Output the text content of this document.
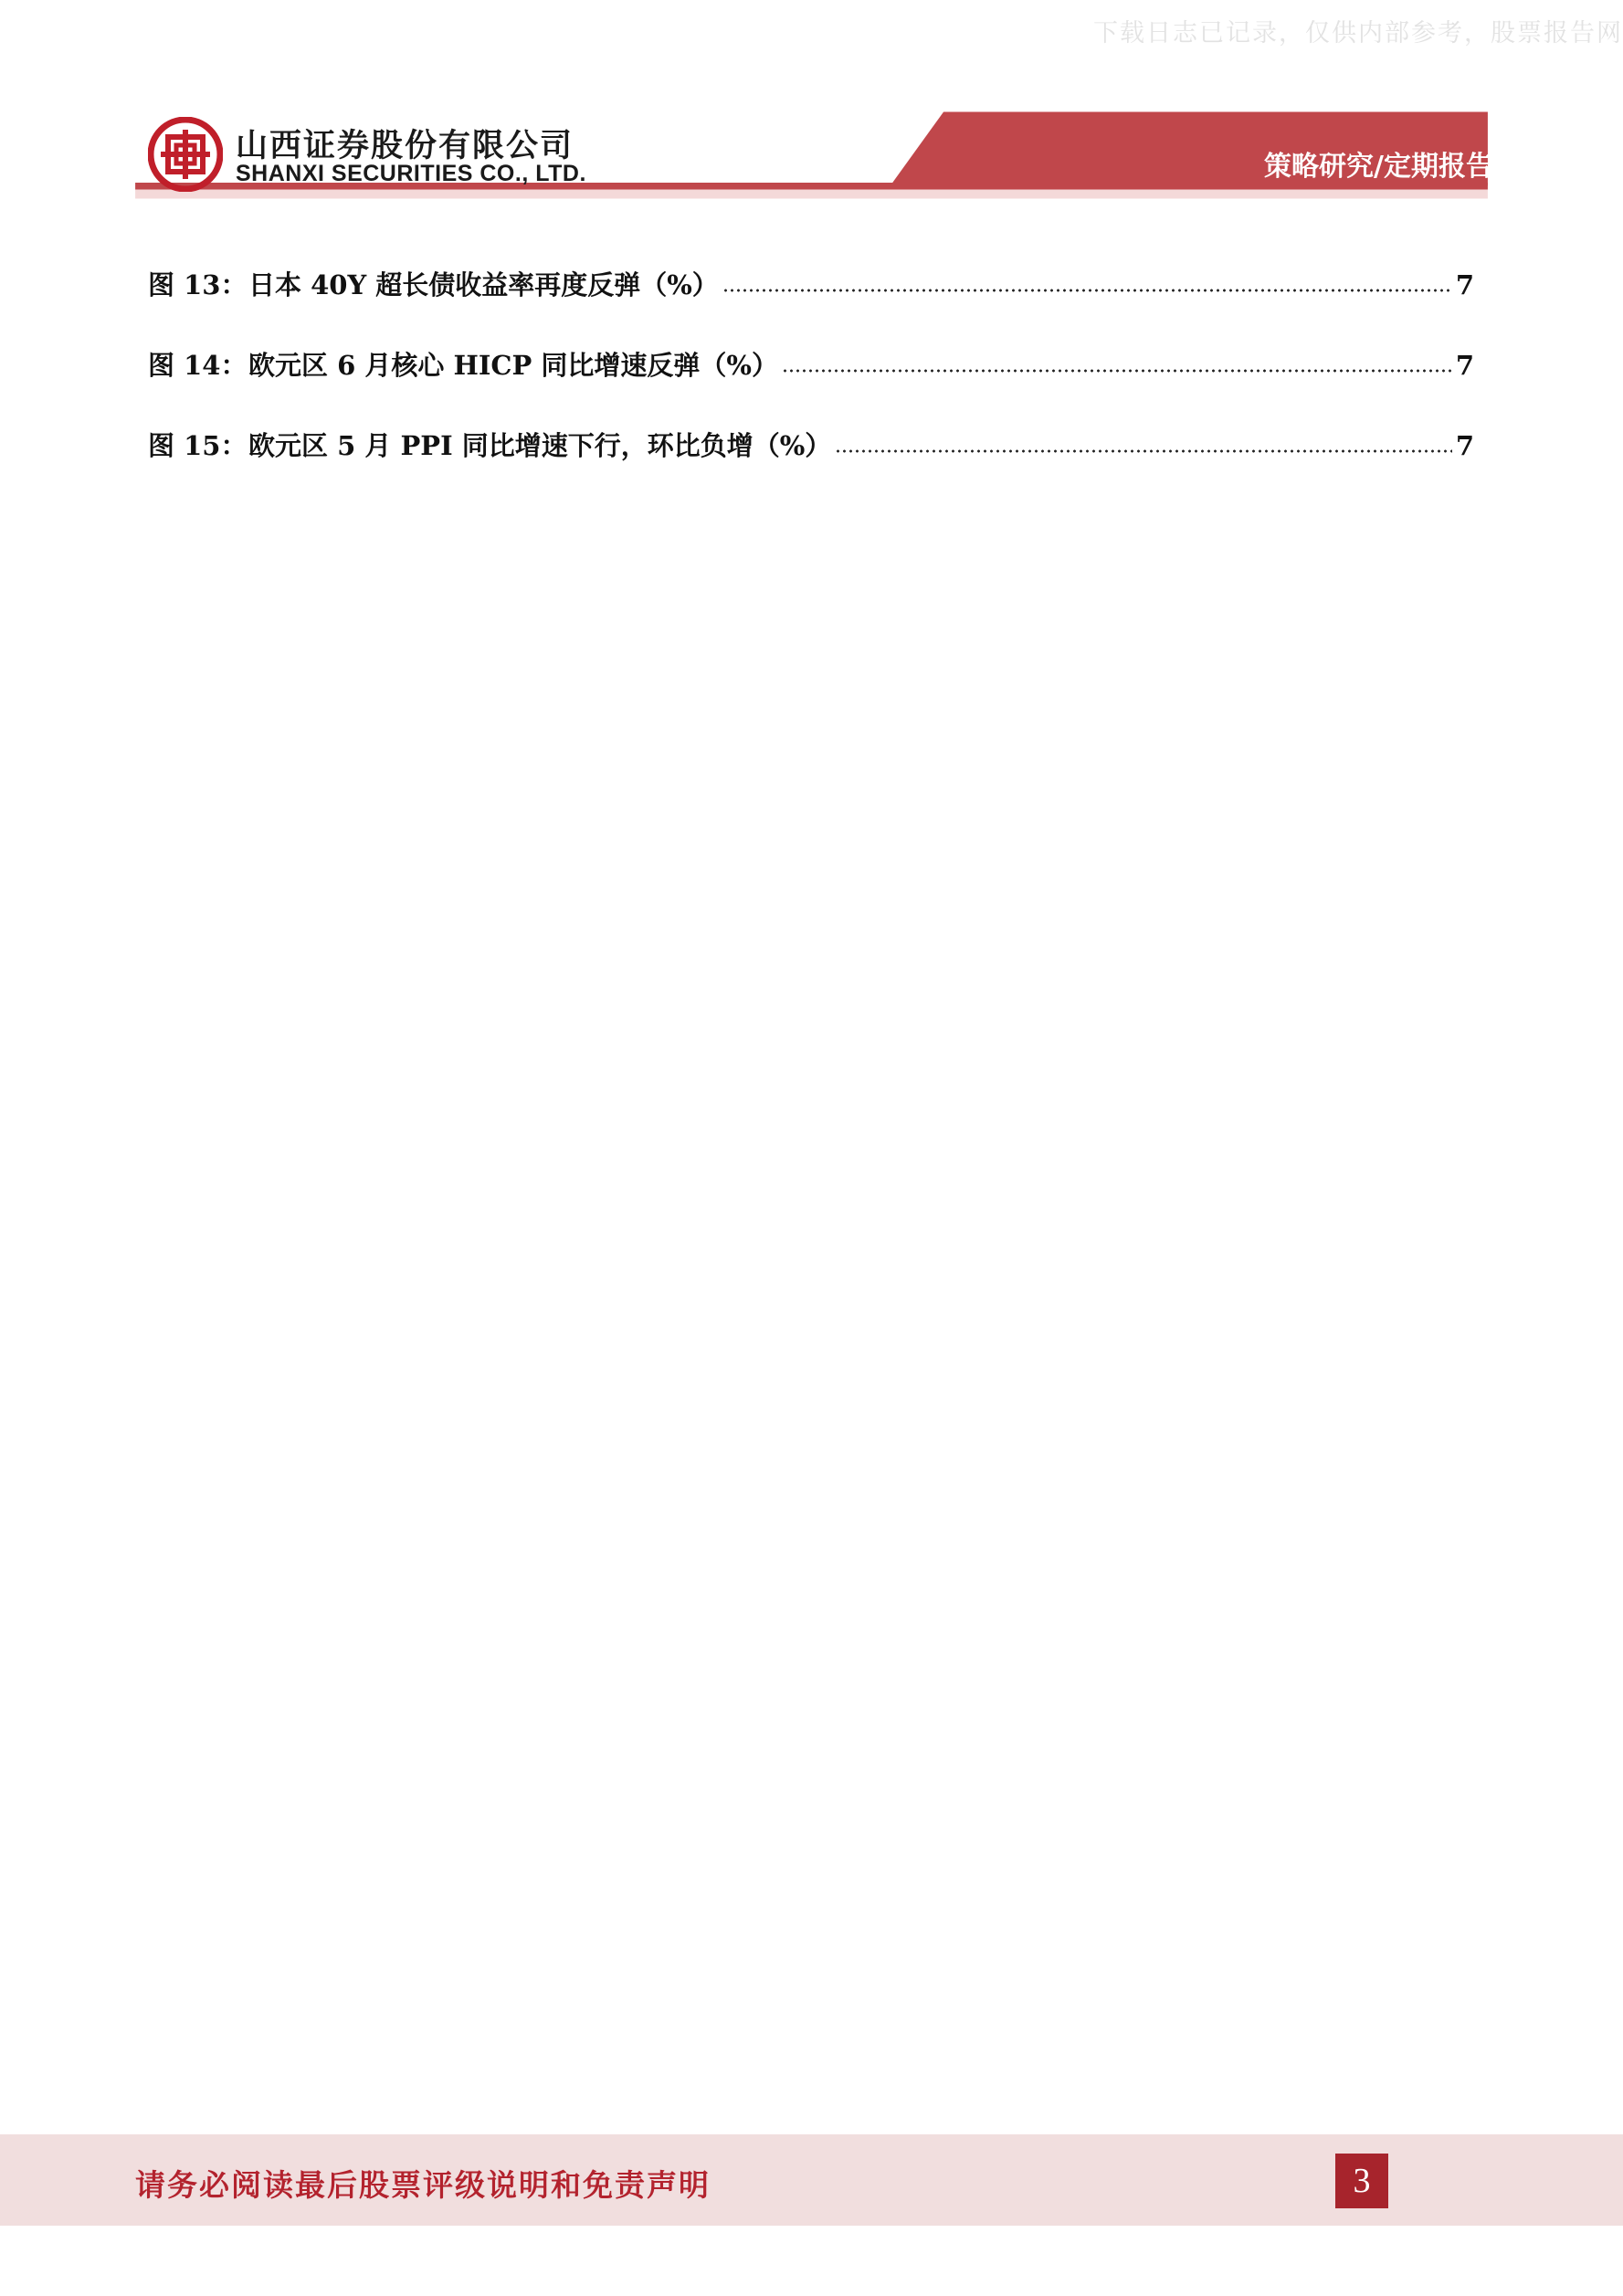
下载日志已记录，仅供内部参考，股票报告网
山西证券股份有限公司
SHANXI SECURITIES CO., LTD.	策略研究/定期报告
图 13： 日本 40Y 超长债收益率再度反弹（%）	7
图 14： 欧元区 6 月核心 HICP 同比增速反弹（%）	7
图 15： 欧元区 5 月 PPI 同比增速下行，环比负增（%）	7
请务必阅读最后股票评级说明和免责声明	3
